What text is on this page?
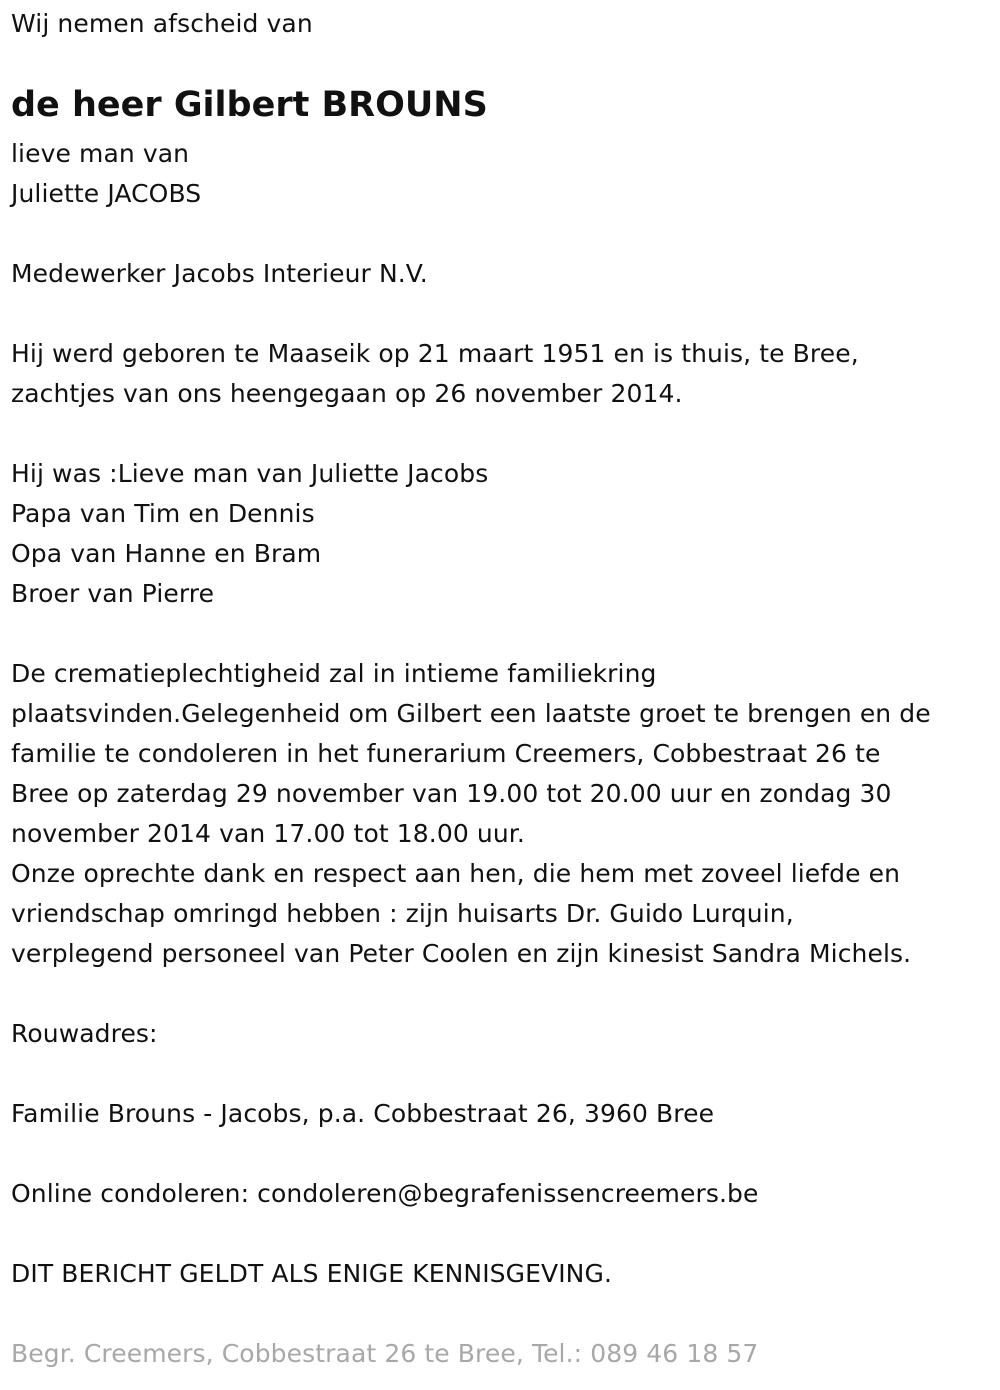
Wij nemen afscheid van
de heer Gilbert BROUNS
lieve man van
Juliette JACOBS
Medewerker Jacobs Interieur N.V.
Hij werd geboren te Maaseik op 21 maart 1951 en is thuis, te Bree,
zachtjes van ons heengegaan op 26 november 2014.
Hij was :Lieve man van Juliette Jacobs
Papa van Tim en Dennis
Opa van Hanne en Bram
Broer van Pierre
De crematieplechtigheid zal in intieme familiekring
plaatsvinden.Gelegenheid om Gilbert een laatste groet te brengen en de
familie te condoleren in het funerarium Creemers, Cobbestraat 26 te
Bree op zaterdag 29 november van 19.00 tot 20.00 uur en zondag 30
november 2014 van 17.00 tot 18.00 uur.
Onze oprechte dank en respect aan hen, die hem met zoveel liefde en
vriendschap omringd hebben : zijn huisarts Dr. Guido Lurquin,
verplegend personeel van Peter Coolen en zijn kinesist Sandra Michels.
Rouwadres:
Familie Brouns - Jacobs, p.a. Cobbestraat 26, 3960 Bree
Online condoleren: condoleren@begrafenissencreemers.be
DIT BERICHT GELDT ALS ENIGE KENNISGEVING.
Begr. Creemers, Cobbestraat 26 te Bree, Tel.: 089 46 18 57
